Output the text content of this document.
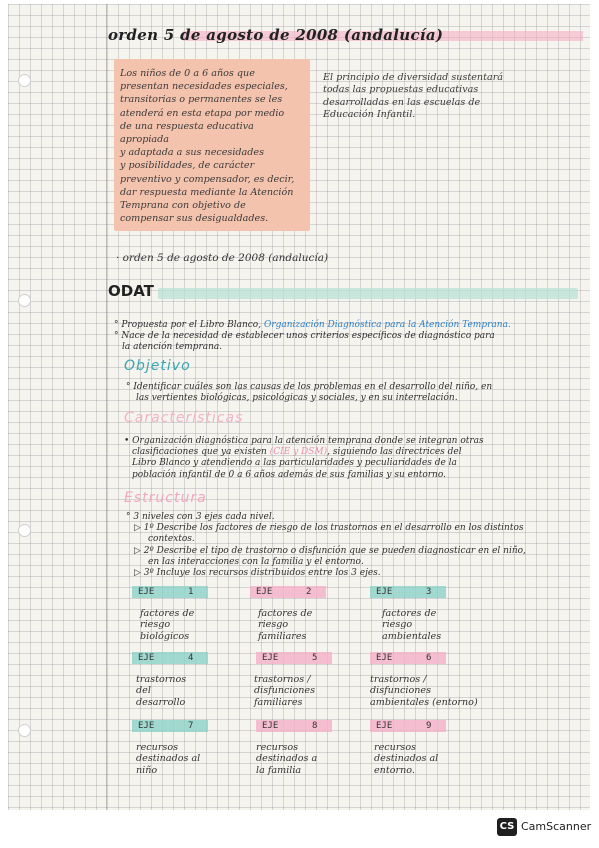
orden 5 de agosto de 2008 (andalucía)
Los niños de 0 a 6 años que
presentan necesidades especiales,
transitorias o permanentes se les
atenderá en esta etapa por medio
de una respuesta educativa apropiada
y adaptada a sus necesidades
y posibilidades, de carácter
preventivo y compensador, es decir,
dar respuesta mediante la Atención
Temprana con objetivo de
compensar sus desigualdades.
El principio de diversidad sustentará
todas las propuestas educativas
desarrolladas en las escuelas de
Educación Infantil.
· orden 5 de agosto de 2008 (andalucía)
ODAT
° Propuesta por el Libro Blanco, Organización Diagnóstica para la Atención Temprana.
° Nace de la necesidad de establecer unos criterios específicos de diagnóstico para
la atención temprana.
Objetivo
° Identificar cuáles son las causas de los problemas en el desarrollo del niño, en
las vertientes biológicas, psicológicas y sociales, y en su interrelación.
Características
• Organización diagnóstica para la atención temprana donde se integran otras
clasificaciones que ya existen (CIE y DSM), siguiendo las directrices del
Libro Blanco y atendiendo a las particularidades y peculiaridades de la
población infantil de 0 a 6 años además de sus familias y su entorno.
Estructura
° 3 niveles con 3 ejes cada nivel.
▷ 1º Describe los factores de riesgo de los trastornos en el desarrollo en los distintos
contextos.
▷ 2º Describe el tipo de trastorno o disfunción que se pueden diagnosticar en el niño,
en las interacciones con la familia y el entorno.
▷ 3º Incluye los recursos distribuidos entre los 3 ejes.
EJE	1
factores de
riesgo
biológicos
EJE	2
factores de
riesgo
familiares
EJE	3
factores de
riesgo
ambientales
EJE	4
trastornos
del
desarrollo
EJE	5
trastornos /
disfunciones
familiares
EJE	6
trastornos /
disfunciones
ambientales (entorno)
EJE	7
recursos
destinados al
niño
EJE	8
recursos
destinados a
la familia
EJE	9
recursos
destinados al
entorno.
CS CamScanner
